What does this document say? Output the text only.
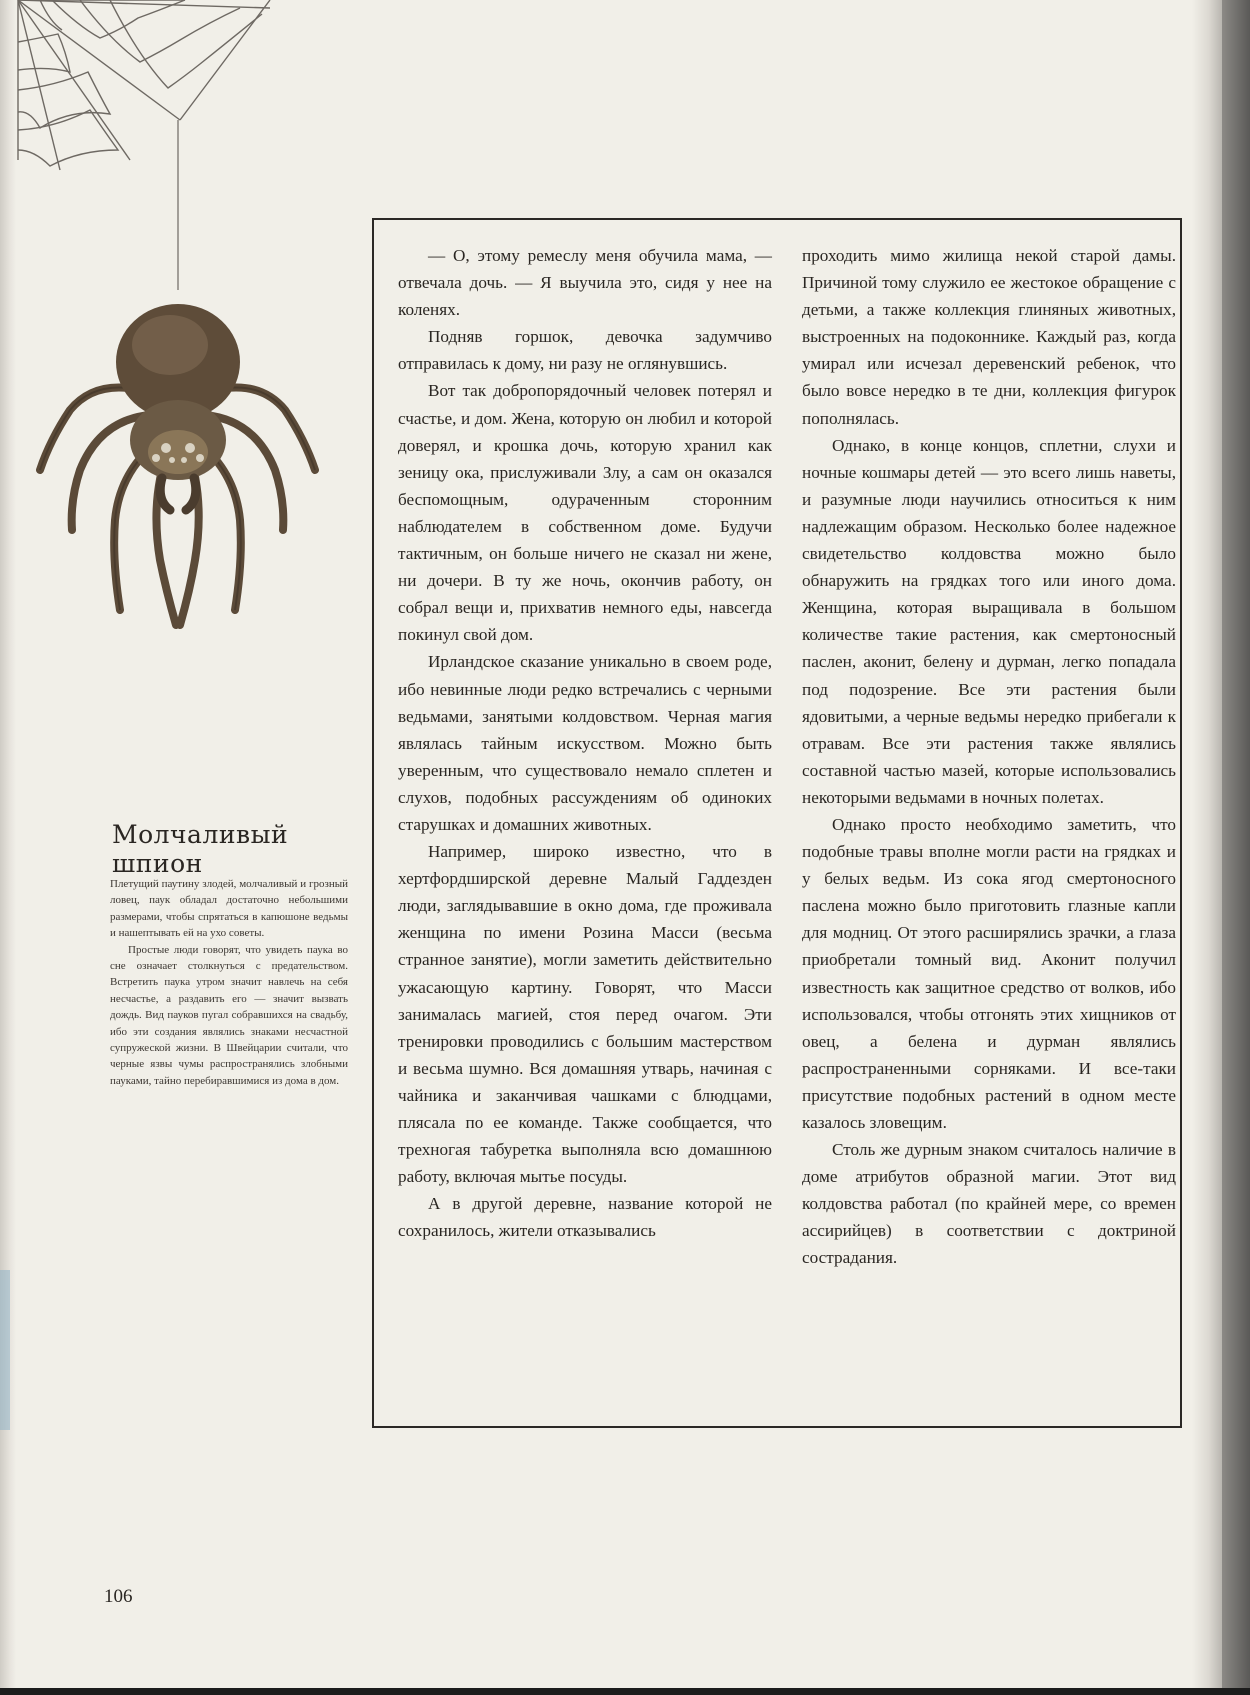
Молчаливый шпион

Плетущий паутину злодей, молчаливый и грозный ловец, паук обладал достаточно небольшими размерами, чтобы спрятаться в капюшоне ведьмы и нашептывать ей на ухо советы.

Простые люди говорят, что увидеть паука во сне означает столкнуться с предательством. Встретить паука утром значит навлечь на себя несчастье, а раздавить его — значит вызвать дождь. Вид пауков пугал собравшихся на свадьбу, ибо эти создания являлись знаками несчастной супружеской жизни. В Швейцарии считали, что черные язвы чумы распространялись злобными пауками, тайно перебиравшимися из дома в дом.

— О, этому ремеслу меня обучила мама, — отвечала дочь. — Я выучила это, сидя у нее на коленях.

Подняв горшок, девочка задумчиво отправилась к дому, ни разу не оглянувшись.

Вот так добропорядочный человек потерял и счастье, и дом. Жена, которую он любил и которой доверял, и крошка дочь, которую хранил как зеницу ока, прислуживали Злу, а сам он оказался беспомощным, одураченным сторонним наблюдателем в собственном доме. Будучи тактичным, он больше ничего не сказал ни жене, ни дочери. В ту же ночь, окончив работу, он собрал вещи и, прихватив немного еды, навсегда покинул свой дом.

Ирландское сказание уникально в своем роде, ибо невинные люди редко встречались с черными ведьмами, занятыми колдовством. Черная магия являлась тайным искусством. Можно быть уверенным, что существовало немало сплетен и слухов, подобных рассуждениям об одиноких старушках и домашних животных.

Например, широко известно, что в хертфордширской деревне Малый Гаддезден люди, заглядывавшие в окно дома, где проживала женщина по имени Розина Масси (весьма странное занятие), могли заметить действительно ужасающую картину. Говорят, что Масси занималась магией, стоя перед очагом. Эти тренировки проводились с большим мастерством и весьма шумно. Вся домашняя утварь, начиная с чайника и заканчивая чашками с блюдцами, плясала по ее команде. Также сообщается, что трехногая табуретка выполняла всю домашнюю работу, включая мытье посуды.

А в другой деревне, название которой не сохранилось, жители отказывались

проходить мимо жилища некой старой дамы. Причиной тому служило ее жестокое обращение с детьми, а также коллекция глиняных животных, выстроенных на подоконнике. Каждый раз, когда умирал или исчезал деревенский ребенок, что было вовсе нередко в те дни, коллекция фигурок пополнялась.

Однако, в конце концов, сплетни, слухи и ночные кошмары детей — это всего лишь наветы, и разумные люди научились относиться к ним надлежащим образом. Несколько более надежное свидетельство колдовства можно было обнаружить на грядках того или иного дома. Женщина, которая выращивала в большом количестве такие растения, как смертоносный паслен, аконит, белену и дурман, легко попадала под подозрение. Все эти растения были ядовитыми, а черные ведьмы нередко прибегали к отравам. Все эти растения также являлись составной частью мазей, которые использовались некоторыми ведьмами в ночных полетах.

Однако просто необходимо заметить, что подобные травы вполне могли расти на грядках и у белых ведьм. Из сока ягод смертоносного паслена можно было приготовить глазные капли для модниц. От этого расширялись зрачки, а глаза приобретали томный вид. Аконит получил известность как защитное средство от волков, ибо использовался, чтобы отгонять этих хищников от овец, а белена и дурман являлись распространенными сорняками. И все-таки присутствие подобных растений в одном месте казалось зловещим.

Столь же дурным знаком считалось наличие в доме атрибутов образной магии. Этот вид колдовства работал (по крайней мере, со времен ассирийцев) в соответствии с доктриной сострадания.

106
